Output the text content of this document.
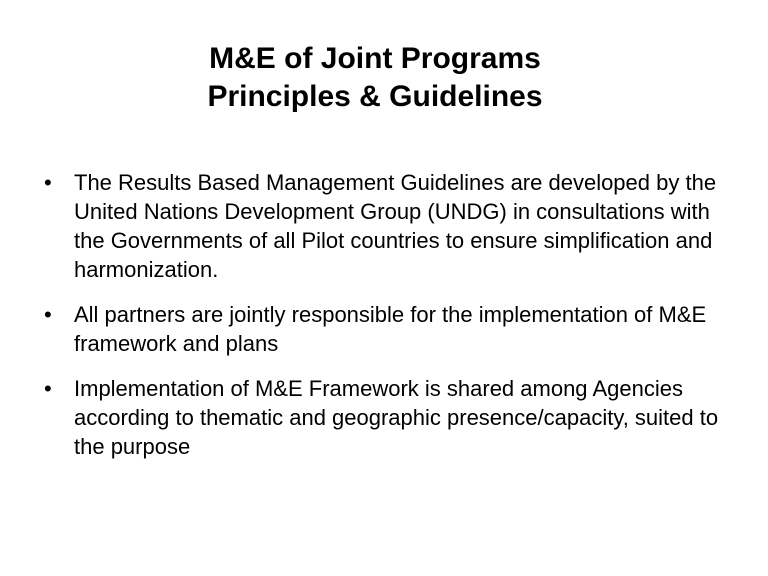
M&E of Joint Programs
Principles & Guidelines
• The Results Based Management Guidelines are developed by the United Nations Development Group (UNDG) in consultations with the Governments of all Pilot countries to ensure simplification and harmonization.
• All partners are jointly responsible for the implementation of M&E framework and plans
• Implementation of M&E Framework is shared among Agencies according to thematic and geographic presence/capacity, suited to the purpose
